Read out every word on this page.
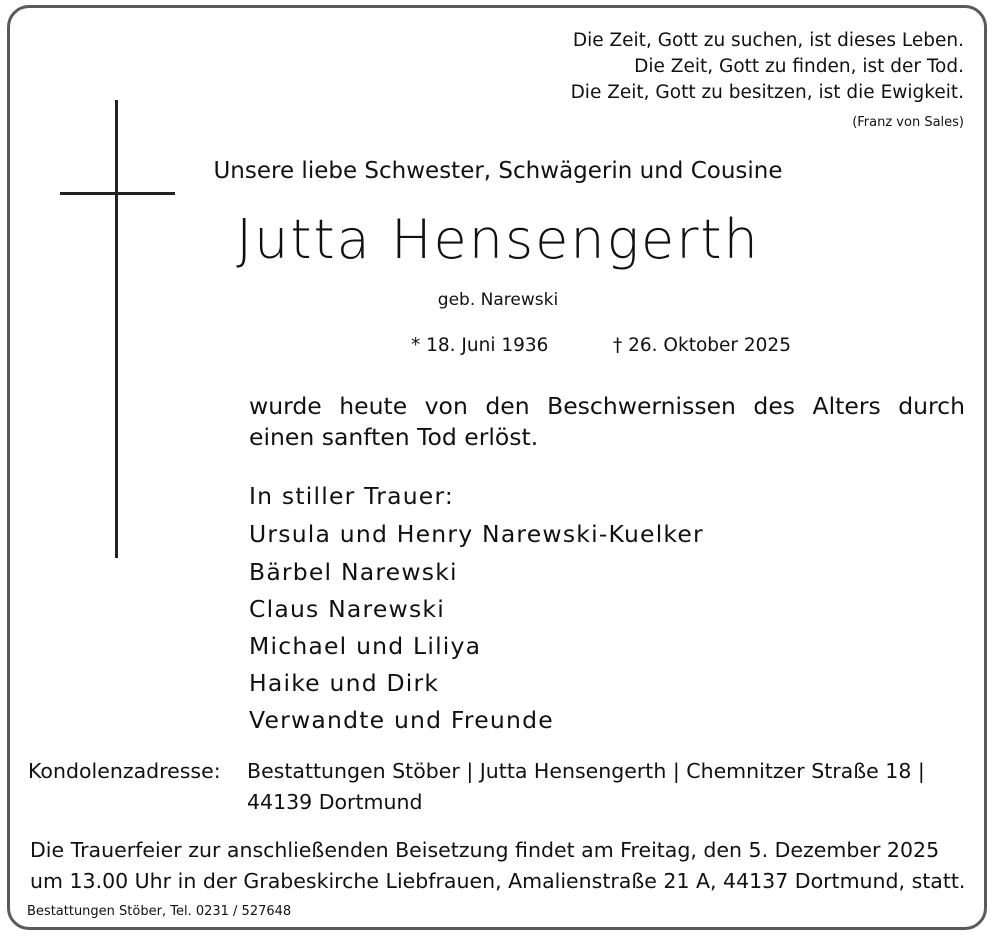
Die Zeit, Gott zu suchen, ist dieses Leben.
Die Zeit, Gott zu finden, ist der Tod.
Die Zeit, Gott zu besitzen, ist die Ewigkeit.
(Franz von Sales)
Unsere liebe Schwester, Schwägerin und Cousine
Jutta Hensengerth
geb. Narewski
* 18. Juni 1936	† 26. Oktober 2025
wurde heute von den Beschwernissen des Alters durch einen sanften Tod erlöst.
In stiller Trauer:
Ursula und Henry Narewski-Kuelker
Bärbel Narewski
Claus Narewski
Michael und Liliya
Haike und Dirk
Verwandte und Freunde
Kondolenzadresse: Bestattungen Stöber | Jutta Hensengerth | Chemnitzer Straße 18 |
44139 Dortmund
Die Trauerfeier zur anschließenden Beisetzung findet am Freitag, den 5. Dezember 2025
um 13.00 Uhr in der Grabeskirche Liebfrauen, Amalienstraße 21 A, 44137 Dortmund, statt.
Bestattungen Stöber, Tel. 0231 / 527648
